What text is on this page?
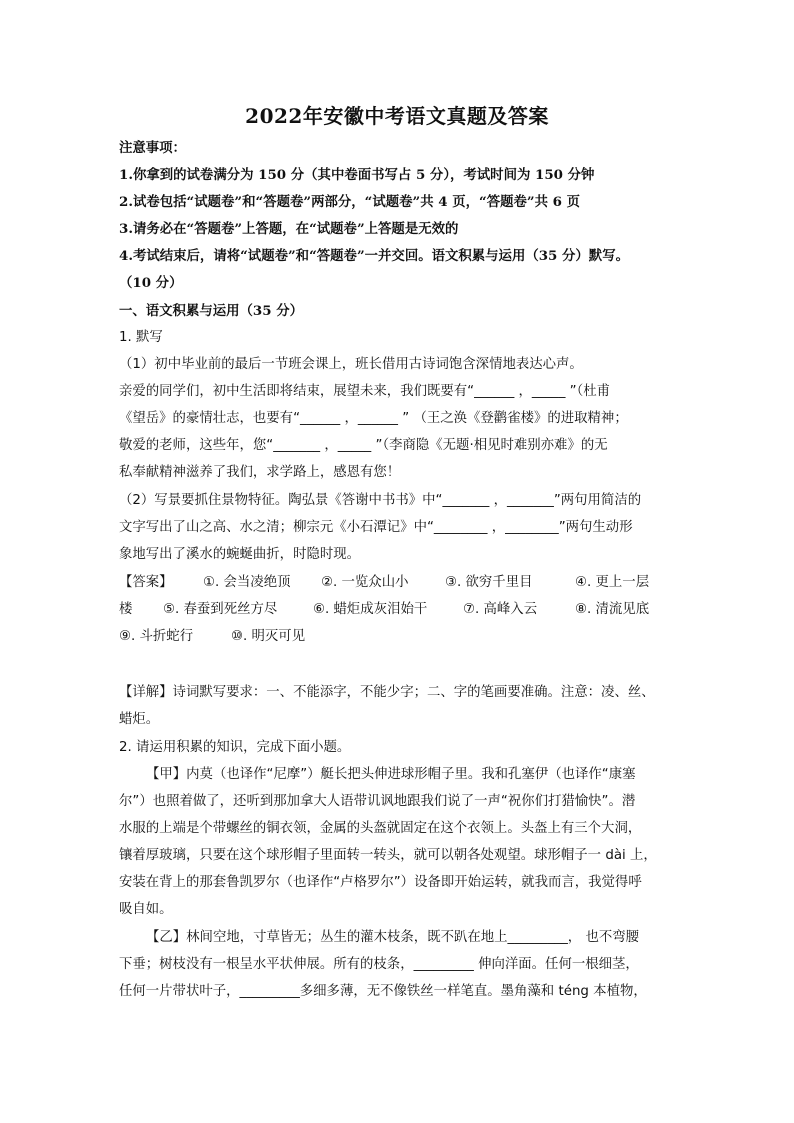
2022年安徽中考语文真题及答案
注意事项：
1.你拿到的试卷满分为 150 分（其中卷面书写占 5 分），考试时间为 150 分钟
2.试卷包括“试题卷”和“答题卷”两部分，“试题卷”共 4 页，“答题卷”共 6 页
3.请务必在“答题卷”上答题，在“试题卷”上答题是无效的
4.考试结束后，请将“试题卷”和“答题卷”一并交回。语文积累与运用（35 分）默写。
（10 分）
一、语文积累与运用（35 分）
1. 默写
（1）初中毕业前的最后一节班会课上，班长借用古诗词饱含深情地表达心声。
亲爱的同学们，初中生活即将结束，展望未来，我们既要有“______ ，_____ ”（杜甫
《望岳》的豪情壮志，也要有“______ ，______ ” （王之涣《登鹳雀楼》的进取精神；
敬爱的老师，这些年，您“_______ ，_____ ”（李商隐《无题·相见时难别亦难》的无
私奉献精神滋养了我们，求学路上，感恩有您！
（2）写景要抓住景物特征。陶弘景《答谢中书书》中“_______ ，_______”两句用简洁的
文字写出了山之高、水之清；柳宗元《小石潭记》中“________ ，________”两句生动形
象地写出了溪水的蜿蜒曲折，时隐时现。
【答案】	①. 会当凌绝顶	②. 一览众山小	③. 欲穷千里目	④. 更上一层
楼	⑤. 春蚕到死丝方尽	⑥. 蜡炬成灰泪始干	⑦. 高峰入云	⑧. 清流见底
⑨. 斗折蛇行	⑩. 明灭可见
【详解】诗词默写要求：一、不能添字，不能少字；二、字的笔画要准确。注意：凌、丝、
蜡炬。
2. 请运用积累的知识，完成下面小题。
【甲】内莫（也译作“尼摩”）艇长把头伸进球形帽子里。我和孔塞伊（也译作“康塞
尔”）也照着做了，还听到那加拿大人语带讥讽地跟我们说了一声“祝你们打猎愉快”。潜
水服的上端是个带螺丝的铜衣领，金属的头盔就固定在这个衣领上。头盔上有三个大洞，
镶着厚玻璃，只要在这个球形帽子里面转一转头，就可以朝各处观望。球形帽子一 dài 上，
安装在背上的那套鲁凯罗尔（也译作“卢格罗尔”）设备即开始运转，就我而言，我觉得呼
吸自如。
【乙】林间空地，寸草皆无；丛生的灌木枝条，既不趴在地上_________， 也不弯腰
下垂；树枝没有一根呈水平状伸展。所有的枝条，_________ 伸向洋面。任何一根细茎，
任何一片带状叶子，_________多细多薄，无不像铁丝一样笔直。墨角藻和 téng 本植物，
